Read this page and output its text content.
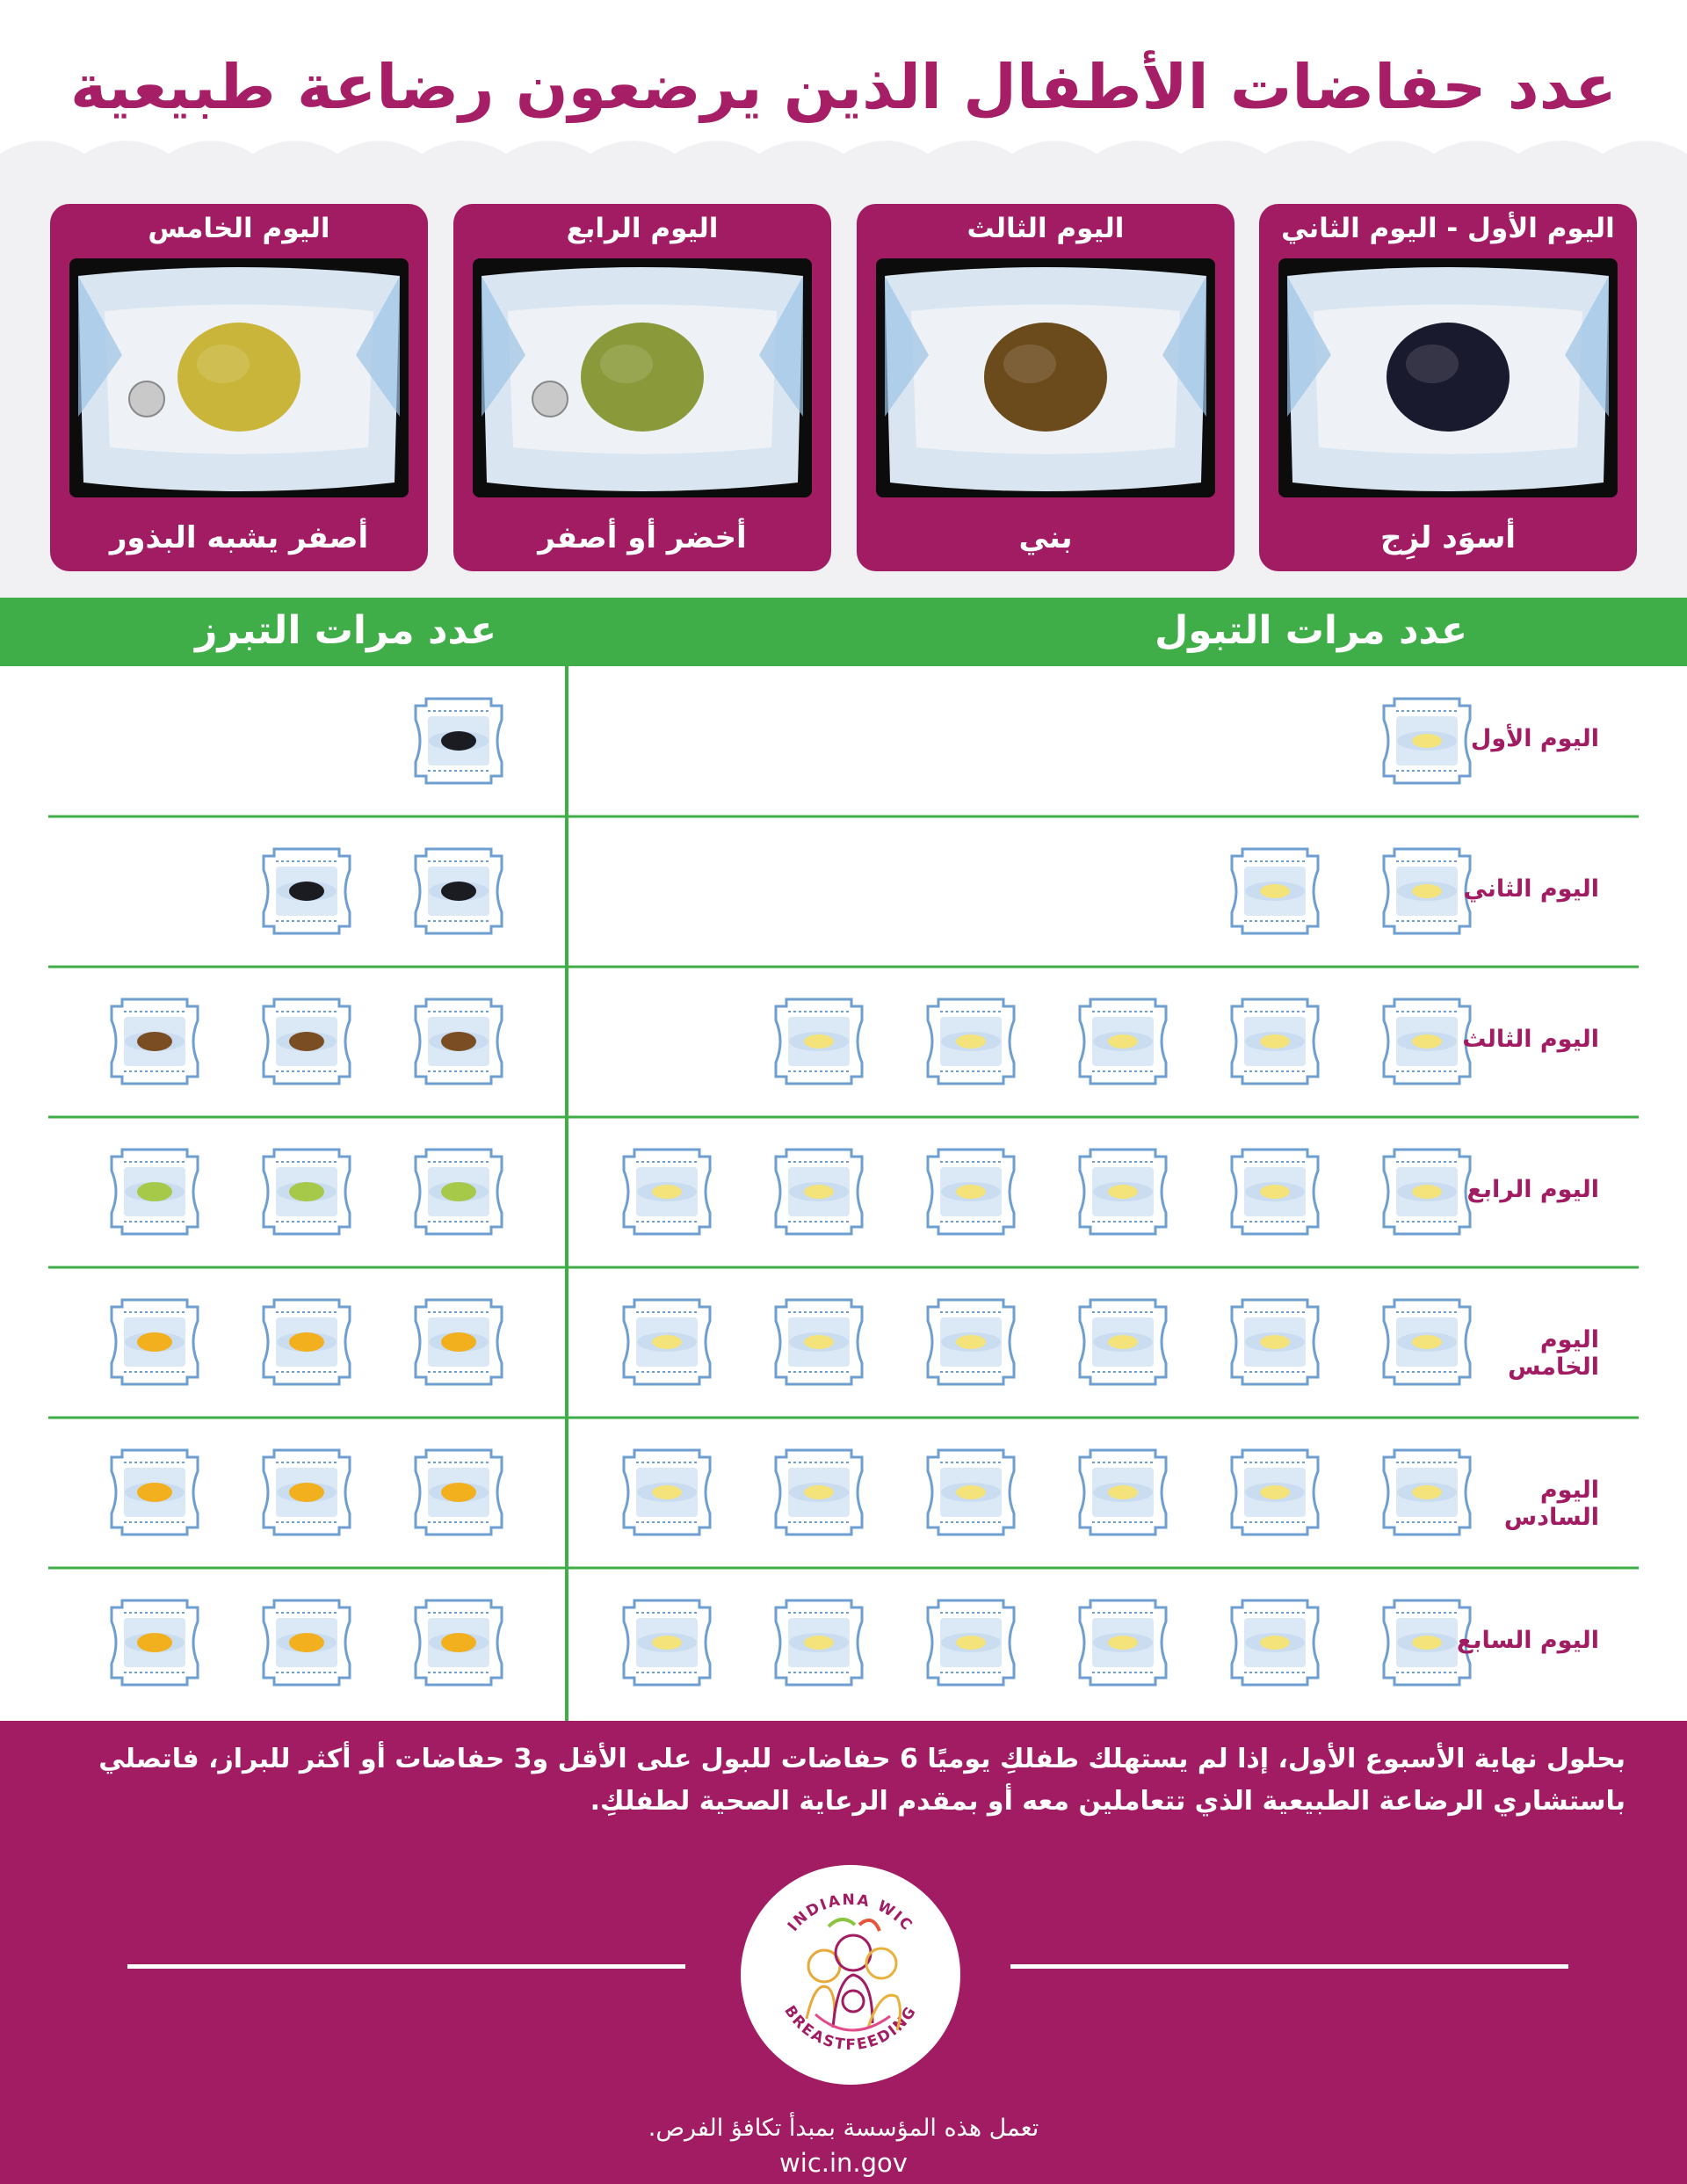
عدد حفاضات الأطفال الذين يرضعون رضاعة طبيعية
اليوم الأول - اليوم الثاني
أسوَد لزِج
اليوم الثالث
بني
اليوم الرابع
أخضر أو أصفر
اليوم الخامس
أصفر يشبه البذور
عدد مرات التبول
عدد مرات التبرز
اليوم الأول
اليوم الثاني
اليوم الثالث
اليوم الرابع
اليوم الخامس
اليوم السادس
اليوم السابع
بحلول نهاية الأسبوع الأول، إذا لم يستهلك طفلكِ يوميًا 6 حفاضات للبول على الأقل و3 حفاضات أو أكثر للبراز، فاتصلي باستشاري الرضاعة الطبيعية الذي تتعاملين معه أو بمقدم الرعاية الصحية لطفلكِ.
INDIANA WIC
BREASTFEEDING
تعمل هذه المؤسسة بمبدأ تكافؤ الفرص.
wic.in.gov
